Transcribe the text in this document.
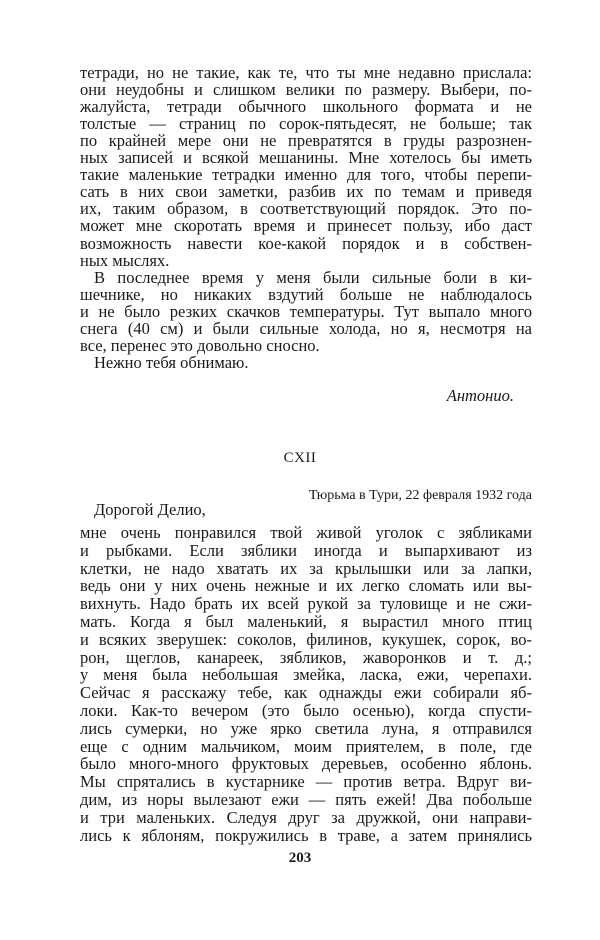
тетради, но не такие, как те, что ты мне недавно прислала:
они неудобны и слишком велики по размеру. Выбери, по-
жалуйста, тетради обычного школьного формата и не
толстые — страниц по сорок-пятьдесят, не больше; так
по крайней мере они не превратятся в груды разрознен-
ных записей и всякой мешанины. Мне хотелось бы иметь
такие маленькие тетрадки именно для того, чтобы перепи-
сать в них свои заметки, разбив их по темам и приведя
их, таким образом, в соответствующий порядок. Это по-
может мне скоротать время и принесет пользу, ибо даст
возможность навести кое-какой порядок и в собствен-
ных мыслях.
В последнее время у меня были сильные боли в ки-
шечнике, но никаких вздутий больше не наблюдалось
и не было резких скачков температуры. Тут выпало много
снега (40 см) и были сильные холода, но я, несмотря на
все, перенес это довольно сносно.
Нежно тебя обнимаю.
Антонио.
CXII
Тюрьма в Тури, 22 февраля 1932 года
Дорогой Делио,
мне очень понравился твой живой уголок с зябликами
и рыбками. Если зяблики иногда и выпархивают из
клетки, не надо хватать их за крылышки или за лапки,
ведь они у них очень нежные и их легко сломать или вы-
вихнуть. Надо брать их всей рукой за туловище и не сжи-
мать. Когда я был маленький, я вырастил много птиц
и всяких зверушек: соколов, филинов, кукушек, сорок, во-
рон, щеглов, канареек, зябликов, жаворонков и т. д.;
у меня была небольшая змейка, ласка, ежи, черепахи.
Сейчас я расскажу тебе, как однажды ежи собирали яб-
локи. Как-то вечером (это было осенью), когда спусти-
лись сумерки, но уже ярко светила луна, я отправился
еще с одним мальчиком, моим приятелем, в поле, где
было много-много фруктовых деревьев, особенно яблонь.
Мы спрятались в кустарнике — против ветра. Вдруг ви-
дим, из норы вылезают ежи — пять ежей! Два побольше
и три маленьких. Следуя друг за дружкой, они направи-
лись к яблоням, покружились в траве, а затем принялись
203
